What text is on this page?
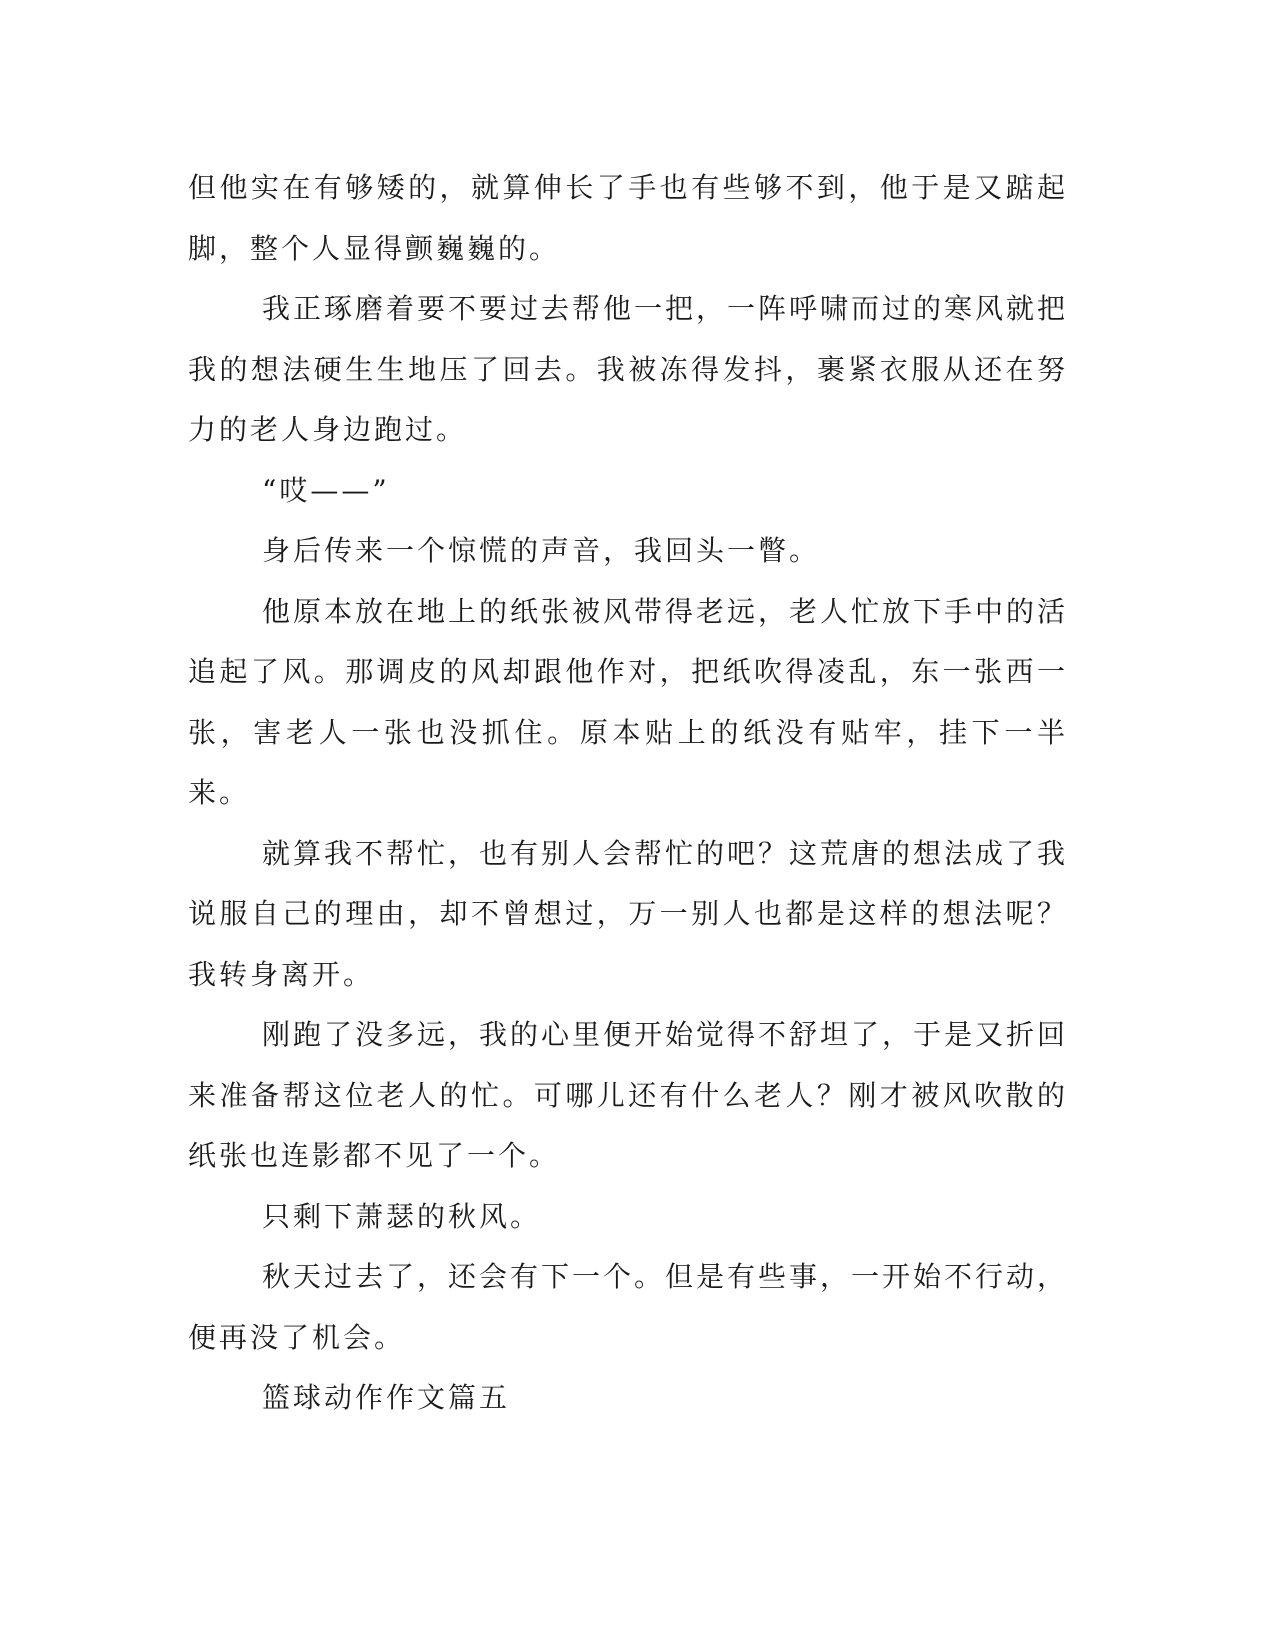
但他实在有够矮的，就算伸长了手也有些够不到，他于是又踮起脚，整个人显得颤巍巍的。

我正琢磨着要不要过去帮他一把，一阵呼啸而过的寒风就把我的想法硬生生地压了回去。我被冻得发抖，裹紧衣服从还在努力的老人身边跑过。

“哎——”

身后传来一个惊慌的声音，我回头一瞥。

他原本放在地上的纸张被风带得老远，老人忙放下手中的活追起了风。那调皮的风却跟他作对，把纸吹得凌乱，东一张西一张，害老人一张也没抓住。原本贴上的纸没有贴牢，挂下一半来。

就算我不帮忙，也有别人会帮忙的吧？这荒唐的想法成了我说服自己的理由，却不曾想过，万一别人也都是这样的想法呢？我转身离开。

刚跑了没多远，我的心里便开始觉得不舒坦了，于是又折回来准备帮这位老人的忙。可哪儿还有什么老人？刚才被风吹散的纸张也连影都不见了一个。

只剩下萧瑟的秋风。

秋天过去了，还会有下一个。但是有些事，一开始不行动，便再没了机会。

篮球动作作文篇五
